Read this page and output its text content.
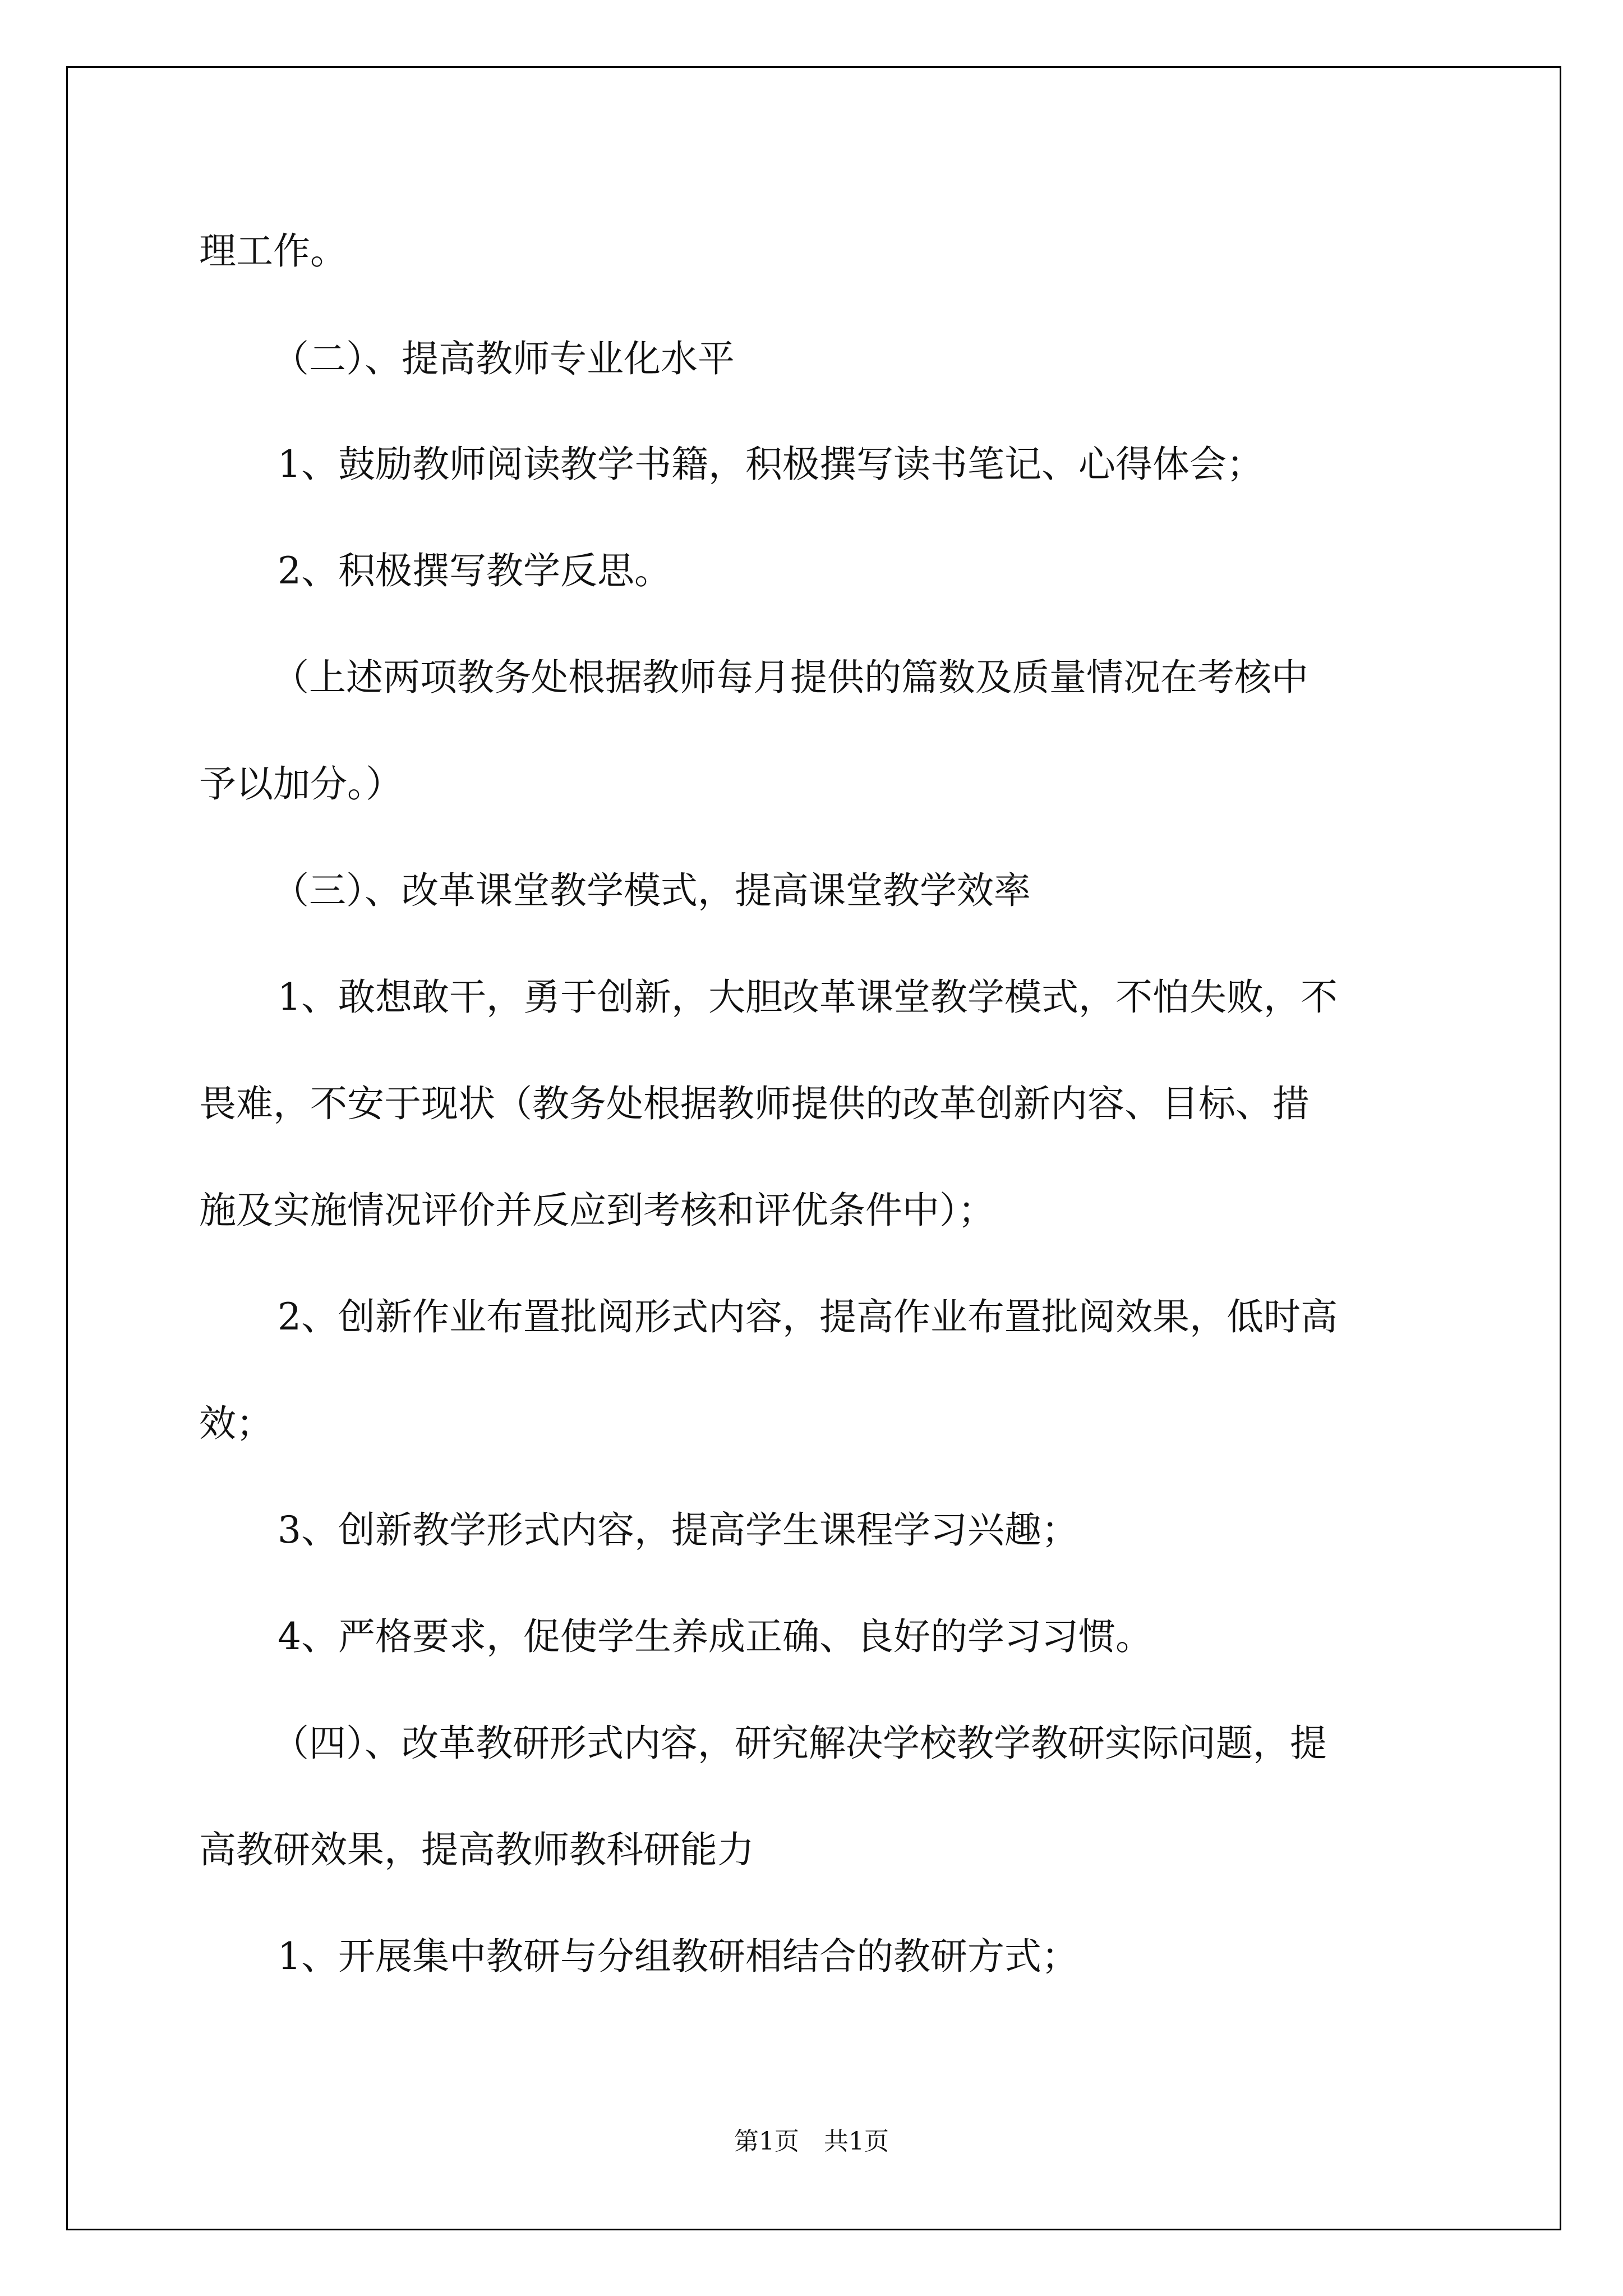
理工作。
（二）、提高教师专业化水平
1、鼓励教师阅读教学书籍，积极撰写读书笔记、心得体会；
2、积极撰写教学反思。
（上述两项教务处根据教师每月提供的篇数及质量情况在考核中
予以加分。）
（三）、改革课堂教学模式，提高课堂教学效率
1、敢想敢干，勇于创新，大胆改革课堂教学模式，不怕失败，不
畏难，不安于现状（教务处根据教师提供的改革创新内容、目标、措
施及实施情况评价并反应到考核和评优条件中）；
2、创新作业布置批阅形式内容，提高作业布置批阅效果，低时高
效；
3、创新教学形式内容，提高学生课程学习兴趣；
4、严格要求，促使学生养成正确、良好的学习习惯。
（四）、改革教研形式内容，研究解决学校教学教研实际问题，提
高教研效果，提高教师教科研能力
1、开展集中教研与分组教研相结合的教研方式；
第1页　共1页
